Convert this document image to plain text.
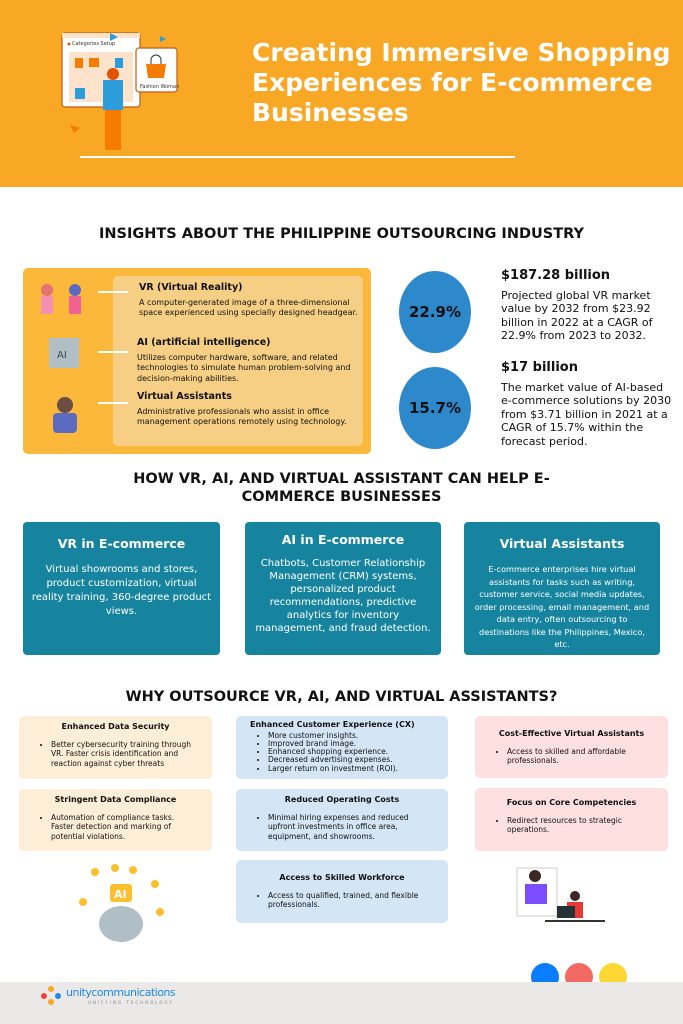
Categories Setup
Fashion Woman
Creating Immersive Shopping Experiences for E-commerce Businesses
INSIGHTS ABOUT THE PHILIPPINE OUTSOURCING INDUSTRY
AI
VR (Virtual Reality)
A computer-generated image of a three-dimensional space experienced using specially designed headgear.
AI (artificial intelligence)
Utilizes computer hardware, software, and related technologies to simulate human problem-solving and decision-making abilities.
Virtual Assistants
Administrative professionals who assist in office management operations remotely using technology.
22.9%
15.7%
$187.28 billion
Projected global VR market value by 2032 from $23.92 billion in 2022 at a CAGR of 22.9% from 2023 to 2032.
$17 billion
The market value of AI-based e-commerce solutions by 2030 from $3.71 billion in 2021 at a CAGR of 15.7% within the forecast period.
HOW VR, AI, AND VIRTUAL ASSISTANT CAN HELP E-COMMERCE BUSINESSES
VR in E-commerce

Virtual showrooms and stores, product customization, virtual reality training, 360-degree product views.

AI in E-commerce

Chatbots, Customer Relationship Management (CRM) systems, personalized product recommendations, predictive analytics for inventory management, and fraud detection.

Virtual Assistants

E-commerce enterprises hire virtual assistants for tasks such as writing, customer service, social media updates, order processing, email management, and data entry, often outsourcing to destinations like the Philippines, Mexico, etc.

WHY OUTSOURCE VR, AI, AND VIRTUAL ASSISTANTS?
Enhanced Data Security
• Better cybersecurity training through VR. Faster crisis identification and reaction against cyber threats
Stringent Data Compliance
• Automation of compliance tasks. Faster detection and marking of potential violations.
Enhanced Customer Experience (CX)
• More customer insights.
• Improved brand image.
• Enhanced shopping experience.
• Decreased advertising expenses.
• Larger return on investment (ROI).
Reduced Operating Costs
• Minimal hiring expenses and reduced upfront investments in office area, equipment, and showrooms.
Access to Skilled Workforce
• Access to qualified, trained, and flexible professionals.
Cost-Effective Virtual Assistants
• Access to skilled and affordable professionals.
Focus on Core Competencies
• Redirect resources to strategic operations.
AI
unitycommunications
UNIFYING TECHNOLOGY
